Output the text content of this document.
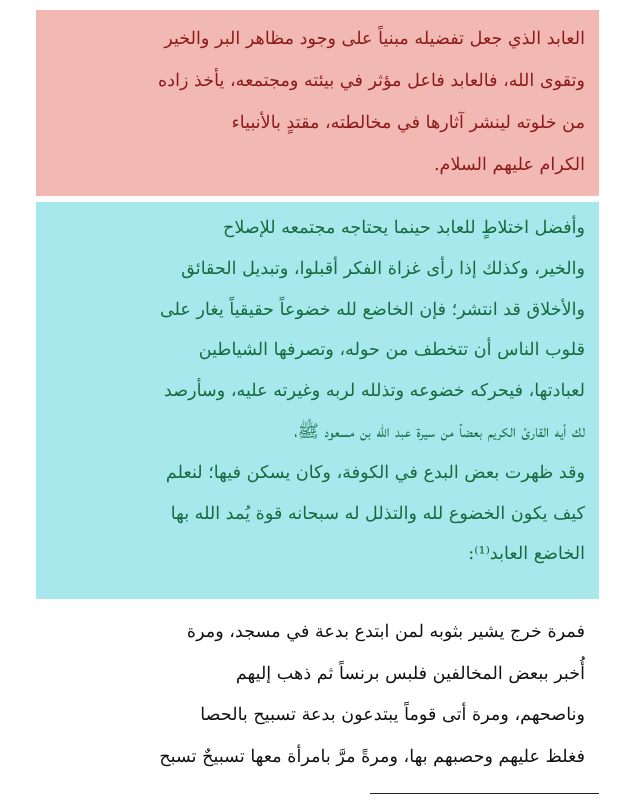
العابد الذي جعل تفضيله مبنياً على وجود مظاهر البر والخير
وتقوى الله، فالعابد فاعل مؤثر في بيئته ومجتمعه، يأخذ زاده
من خلوته لينشر آثارها في مخالطته، مقتدٍ بالأنبياء
الكرام عليهم السلام.
وأفضل اختلاطٍ للعابد حينما يحتاجه مجتمعه للإصلاح
والخير، وكذلك إذا رأى غزاة الفكر أقبلوا، وتبديل الحقائق
والأخلاق قد انتشر؛ فإن الخاضع لله خضوعاً حقيقياً يغار على
قلوب الناس أن تتخطف من حوله، وتصرفها الشياطين
لعبادتها، فيحركه خضوعه وتذلله لربه وغيرته عليه، وسأرصد
لك أيه القارئ الكريم بعضاً من سيرة عبد الله بن مسعود ﷺ،
وقد ظهرت بعض البدع في الكوفة، وكان يسكن فيها؛ لنعلم
كيف يكون الخضوع لله والتذلل له سبحانه قوة يُمد الله بها
الخاضع العابد⁽¹⁾:
فمرة خرج يشير بثوبه لمن ابتدع بدعة في مسجد، ومرة
أُخبر ببعض المخالفين فلبس برنساً ثم ذهب إليهم
وناصحهم، ومرة أتى قوماً يبتدعون بدعة تسبيح بالحصا
فغلظ عليهم وحصبهم بها، ومرةً مرَّ بامرأة معها تسبيحٌ تسبح
